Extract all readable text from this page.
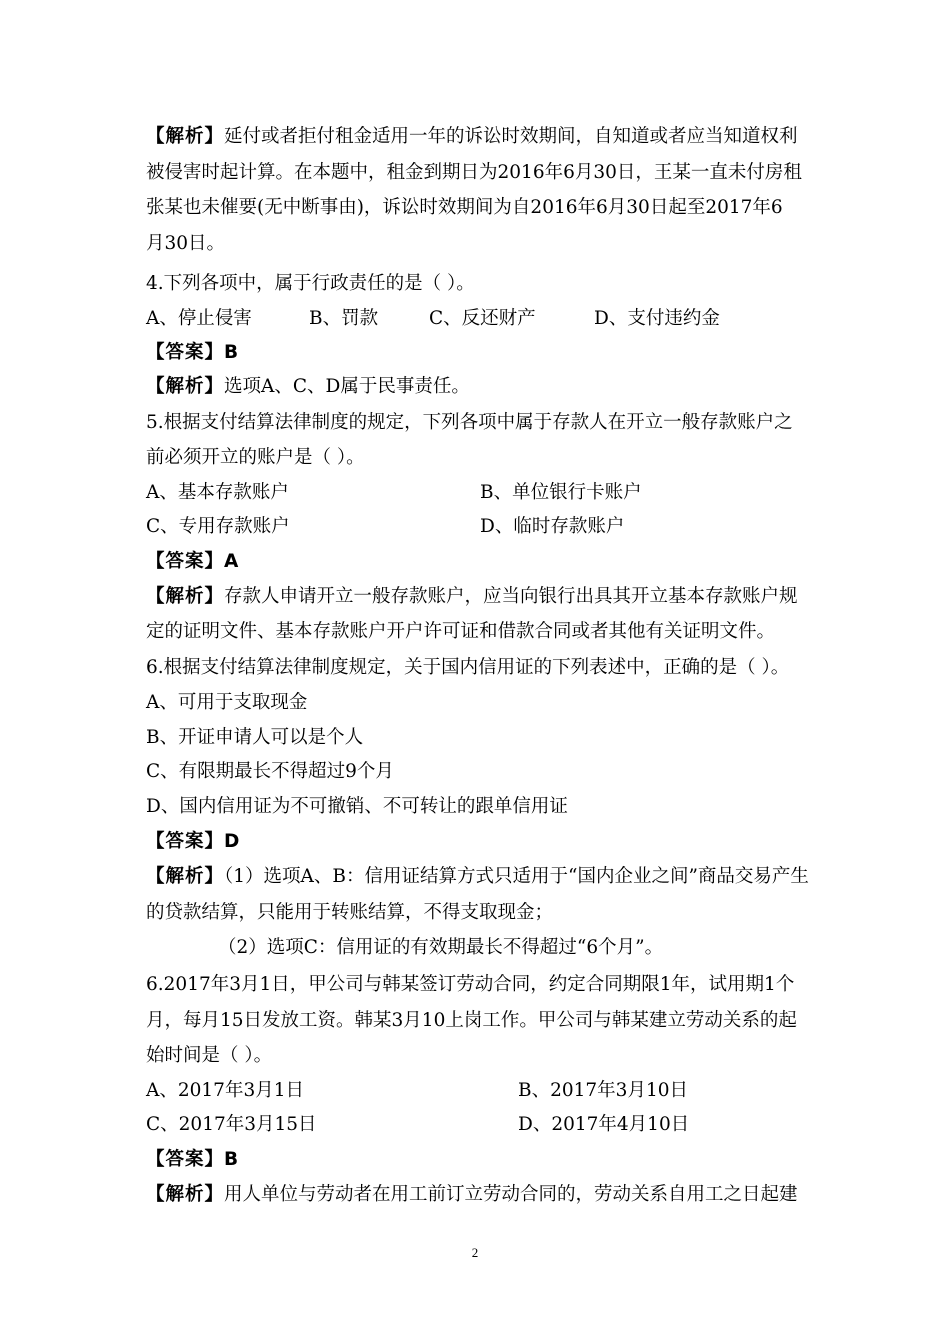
【解析】延付或者拒付租金适用一年的诉讼时效期间，自知道或者应当知道权利
被侵害时起计算。在本题中，租金到期日为2016年6月30日，王某一直未付房租
张某也未催要(无中断事由)，诉讼时效期间为自2016年6月30日起至2017年6
月30日。
4.下列各项中，属于行政责任的是（ ）。
A、停止侵害	B、罚款	C、反还财产	D、支付违约金
【答案】B
【解析】选项A、C、D属于民事责任。
5.根据支付结算法律制度的规定，下列各项中属于存款人在开立一般存款账户之
前必须开立的账户是（ ）。
A、基本存款账户	B、单位银行卡账户
C、专用存款账户	D、临时存款账户
【答案】A
【解析】存款人申请开立一般存款账户，应当向银行出具其开立基本存款账户规
定的证明文件、基本存款账户开户许可证和借款合同或者其他有关证明文件。
6.根据支付结算法律制度规定，关于国内信用证的下列表述中，正确的是（ ）。
A、可用于支取现金
B、开证申请人可以是个人
C、有限期最长不得超过9个月
D、国内信用证为不可撤销、不可转让的跟单信用证
【答案】D
【解析】（1）选项A、B：信用证结算方式只适用于“国内企业之间”商品交易产生
的贷款结算，只能用于转账结算，不得支取现金；
（2）选项C：信用证的有效期最长不得超过“6个月”。
6.2017年3月1日，甲公司与韩某签订劳动合同，约定合同期限1年，试用期1个
月，每月15日发放工资。韩某3月10上岗工作。甲公司与韩某建立劳动关系的起
始时间是（ ）。
A、2017年3月1日	B、2017年3月10日
C、2017年3月15日	D、2017年4月10日
【答案】B
【解析】用人单位与劳动者在用工前订立劳动合同的，劳动关系自用工之日起建
2
